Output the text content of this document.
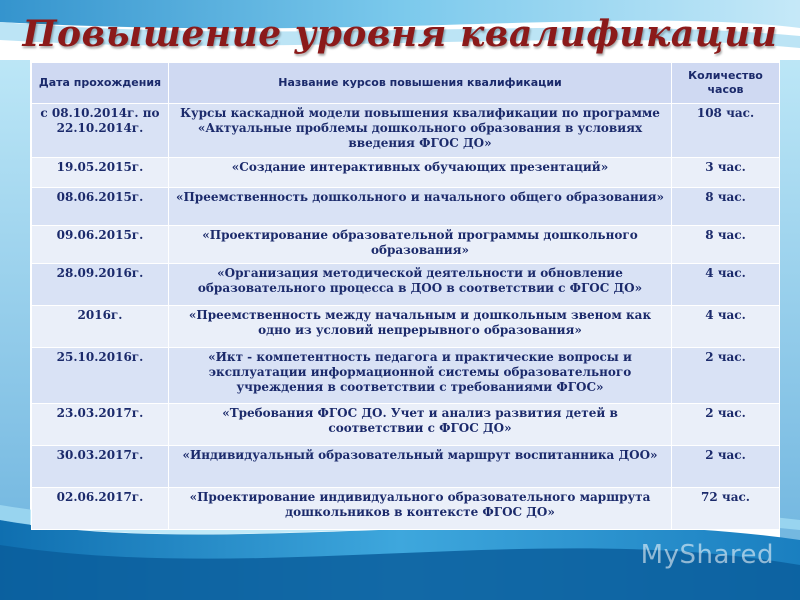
Повышение уровня квалификации
Дата прохождения	Название курсов повышения квалификации	Количество часов
с 08.10.2014г. по 22.10.2014г.	Курсы каскадной модели повышения квалификации по программе «Актуальные проблемы дошкольного образования в условиях введения ФГОС ДО»	108 час.
19.05.2015г.	«Создание интерактивных обучающих презентаций»	3 час.
08.06.2015г.	«Преемственность дошкольного и начального общего образования»	8 час.
09.06.2015г.	«Проектирование образовательной программы дошкольного образования»	8 час.
28.09.2016г.	«Организация методической деятельности и обновление образовательного процесса в ДОО в соответствии с ФГОС ДО»	4 час.
2016г.	«Преемственность между начальным и дошкольным звеном как одно из условий непрерывного образования»	4 час.
25.10.2016г.	«Икт - компетентность педагога и практические вопросы и эксплуатации информационной системы образовательного учреждения в соответствии с требованиями ФГОС»	2 час.
23.03.2017г.	«Требования ФГОС ДО. Учет и анализ развития детей в соответствии с ФГОС ДО»	2 час.
30.03.2017г.	«Индивидуальный образовательный маршрут воспитанника ДОО»	2 час.
02.06.2017г.	«Проектирование индивидуального образовательного маршрута дошкольников в контексте ФГОС ДО»	72 час.
MyShared
